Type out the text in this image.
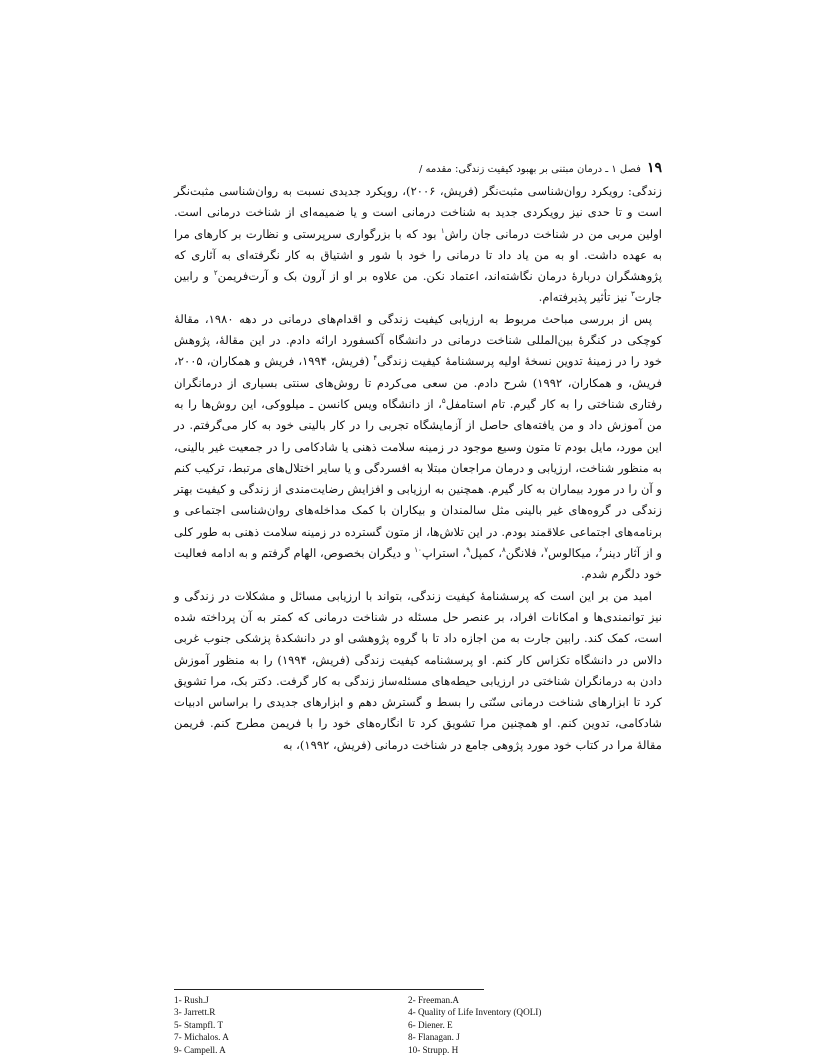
۱۹فصل ۱ ـ درمان مبتنی بر بهبود کیفیت زندگی: مقدمه /

زندگی: رویکرد روان‌شناسی مثبت‌نگر (فریش، ۲۰۰۶)، رویکرد جدیدی نسبت به روان‌شناسی مثبت‌نگر است و تا حدی نیز رویکردی جدید به شناخت درمانی است و یا ضمیمه‌ای از شناخت درمانی است. اولین مربی من در شناخت درمانی جان راش$^۱$ بود که با بزرگواری سرپرستی و نظارت بر کارهای مرا به عهده داشت. او به من یاد داد تا درمانی را خود با شور و اشتیاق به کار نگرفته‌ای به آثاری که پژوهشگران دربارهٔ درمان نگاشته‌اند، اعتماد نکن. من علاوه بر او از آرون بک و آرت‌فریمن$^۲$ و رابین جارت$^۳$ نیز تأثیر پذیرفته‌ام.

پس از بررسی مباحث مربوط به ارزیابی کیفیت زندگی و اقدام‌های درمانی در دهه ۱۹۸۰، مقالهٔ کوچکی در کنگرهٔ بین‌المللی شناخت درمانی در دانشگاه آکسفورد ارائه دادم. در این مقالهٔ، پژوهش خود را در زمینهٔ تدوین نسخهٔ اولیه پرسشنامهٔ کیفیت زندگی$^۴$ (فریش، ۱۹۹۴، فریش و همکاران، ۲۰۰۵، فریش، و همکاران، ۱۹۹۲) شرح دادم. من سعی می‌کردم تا روش‌های سنتی بسیاری از درمانگران رفتاری شناختی را به کار گیرم. تام استامفل$^۵$، از دانشگاه ویس کانسن ـ میلووکی، این روش‌ها را به من آموزش داد و من یافته‌های حاصل از آزمایشگاه تجربی را در کار بالینی خود به کار می‌گرفتم. در این مورد، مایل بودم تا متون وسیع موجود در زمینه سلامت ذهنی یا شادکامی را در جمعیت غیر بالینی، به منظور شناخت، ارزیابی و درمان مراجعان مبتلا به افسردگی و یا سایر اختلال‌های مرتبط، ترکیب کنم و آن را در مورد بیماران به کار گیرم. همچنین به ارزیابی و افزایش رضایت‌مندی از زندگی و کیفیت بهتر زندگی در گروه‌های غیر بالینی مثل سالمندان و بیکاران با کمک مداخله‌های روان‌شناسی اجتماعی و برنامه‌های اجتماعی علاقمند بودم. در این تلاش‌ها، از متون گسترده در زمینه سلامت ذهنی به طور کلی و از آثار دینر$^۶$، میکالوس$^۷$، فلانگن$^۸$، کمپل$^۹$، استراپ$^{۱۰}$ و دیگران بخصوص، الهام گرفتم و به ادامه فعالیت خود دلگرم شدم.

امید من بر این است که پرسشنامهٔ کیفیت زندگی، بتواند با ارزیابی مسائل و مشکلات در زندگی و نیز توانمندی‌ها و امکانات افراد، بر عنصر حل مسئله در شناخت درمانی که کمتر به آن پرداخته شده است، کمک کند. رابین جارت به من اجازه داد تا با گروه پژوهشی او در دانشکدهٔ پزشکی جنوب غربی دالاس در دانشگاه تکزاس کار کنم. او پرسشنامه کیفیت زندگی (فریش، ۱۹۹۴) را به منظور آموزش دادن به درمانگران شناختی در ارزیابی حیطه‌های مسئله‌ساز زندگی به کار گرفت. دکتر بک، مرا تشویق کرد تا ابزارهای شناخت درمانی سنّتی را بسط و گسترش دهم و ابزارهای جدیدی را براساس ادبیات شادکامی، تدوین کنم. او همچنین مرا تشویق کرد تا انگاره‌های خود را با فریمن مطرح کنم. فریمن مقالهٔ مرا در کتاب خود مورد پژوهی جامع در شناخت درمانی (فریش، ۱۹۹۲)، به

1- Rush.J	2- Freeman.A
3- Jarrett.R	4- Quality of Life Inventory (QOLI)
5- Stampfl. T	6- Diener. E
7- Michalos. A	8- Flanagan. J
9- Campell. A	10- Strupp. H
